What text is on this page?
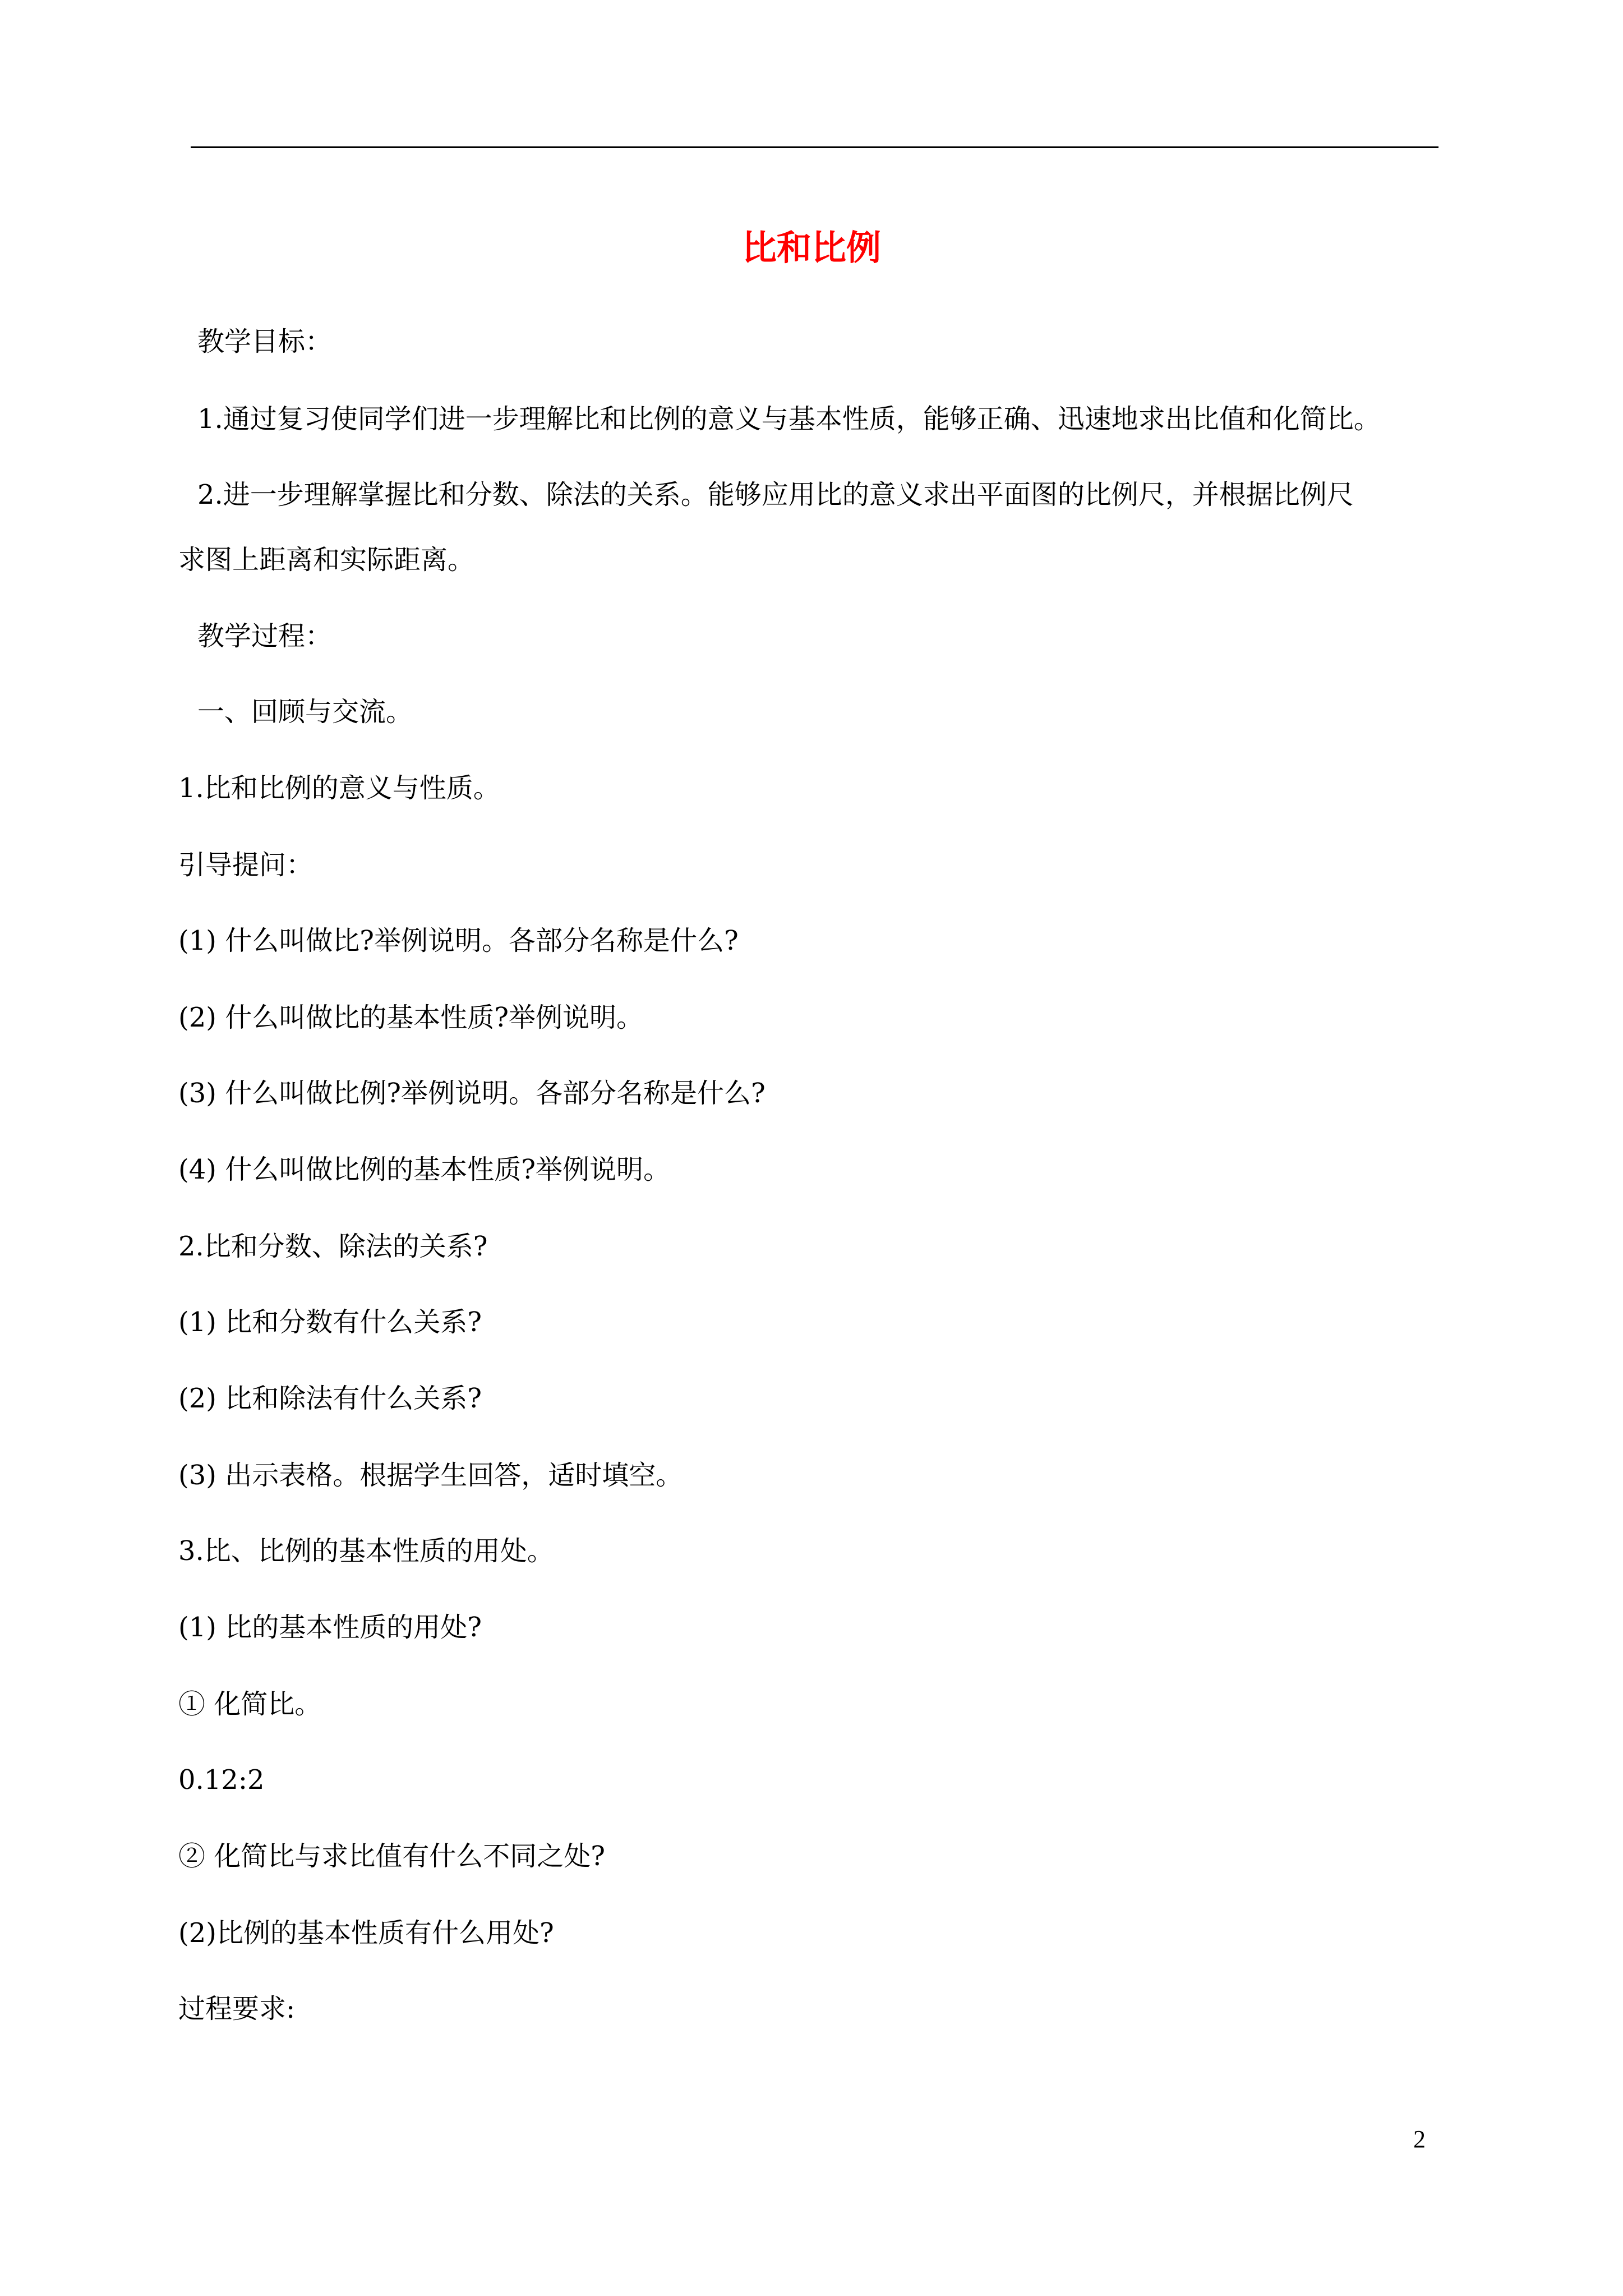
比和比例
教学目标：
1.通过复习使同学们进一步理解比和比例的意义与基本性质，能够正确、迅速地求出比值和化简比。
2.进一步理解掌握比和分数、除法的关系。能够应用比的意义求出平面图的比例尺，并根据比例尺
求图上距离和实际距离。
教学过程：
一、回顾与交流。
1.比和比例的意义与性质。
引导提问：
(1) 什么叫做比?举例说明。各部分名称是什么?
(2) 什么叫做比的基本性质?举例说明。
(3) 什么叫做比例?举例说明。各部分名称是什么?
(4) 什么叫做比例的基本性质?举例说明。
2.比和分数、除法的关系?
(1) 比和分数有什么关系?
(2) 比和除法有什么关系?
(3) 出示表格。根据学生回答，适时填空。
3.比、比例的基本性质的用处。
(1) 比的基本性质的用处?
① 化简比。
0.12:2
② 化简比与求比值有什么不同之处?
(2)比例的基本性质有什么用处?
过程要求:
2
